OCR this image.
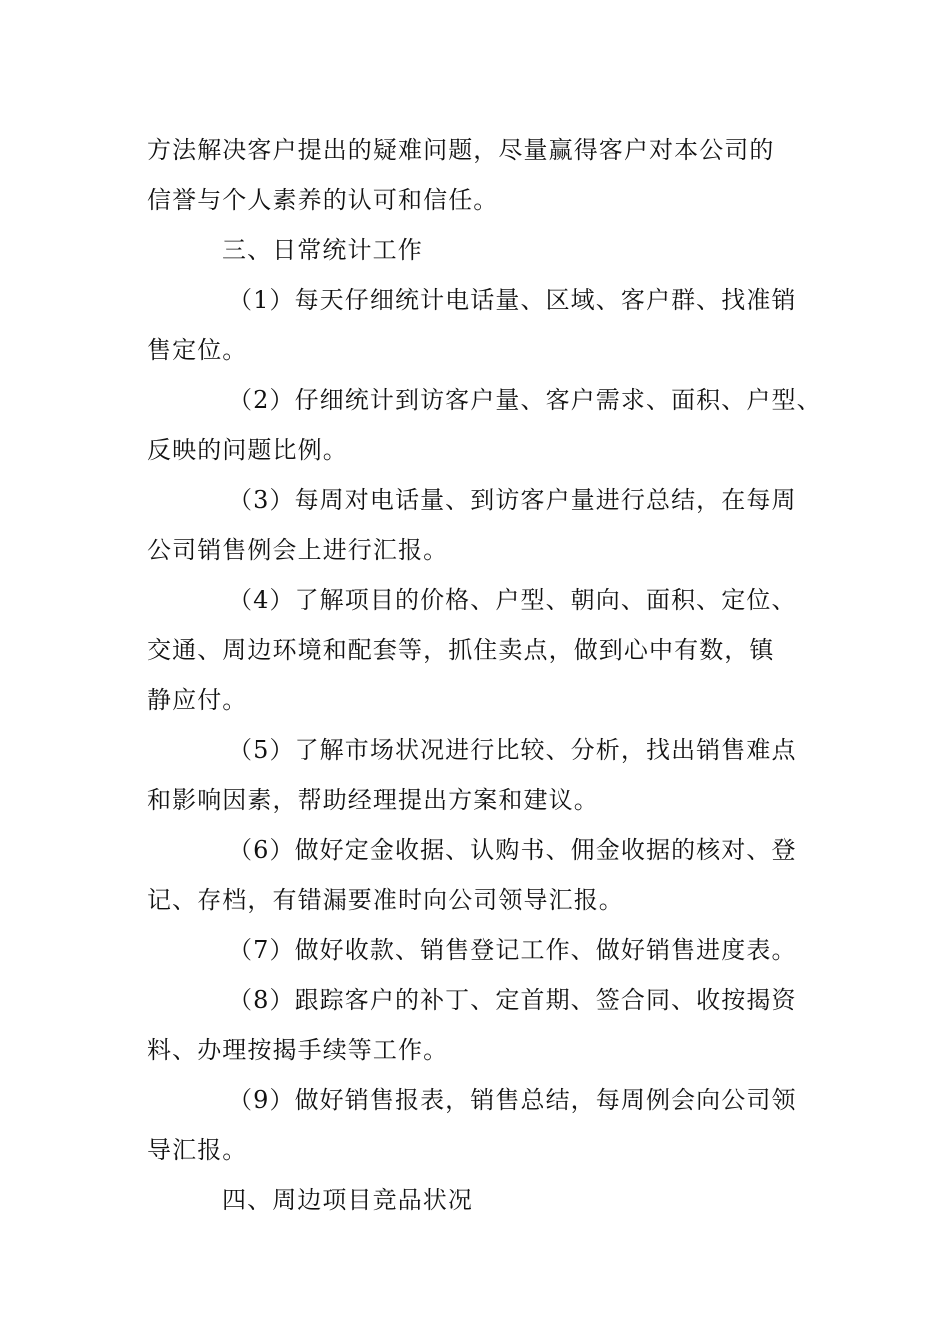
方法解决客户提出的疑难问题，尽量赢得客户对本公司的

信誉与个人素养的认可和信任。

三、日常统计工作

（1）每天仔细统计电话量、区域、客户群、找准销

售定位。

（2）仔细统计到访客户量、客户需求、面积、户型、

反映的问题比例。

（3）每周对电话量、到访客户量进行总结，在每周

公司销售例会上进行汇报。

（4）了解项目的价格、户型、朝向、面积、定位、

交通、周边环境和配套等，抓住卖点，做到心中有数，镇

静应付。

（5）了解市场状况进行比较、分析，找出销售难点

和影响因素，帮助经理提出方案和建议。

（6）做好定金收据、认购书、佣金收据的核对、登

记、存档，有错漏要准时向公司领导汇报。

（7）做好收款、销售登记工作、做好销售进度表。

（8）跟踪客户的补丁、定首期、签合同、收按揭资

料、办理按揭手续等工作。

（9）做好销售报表，销售总结，每周例会向公司领

导汇报。

四、周边项目竞品状况
